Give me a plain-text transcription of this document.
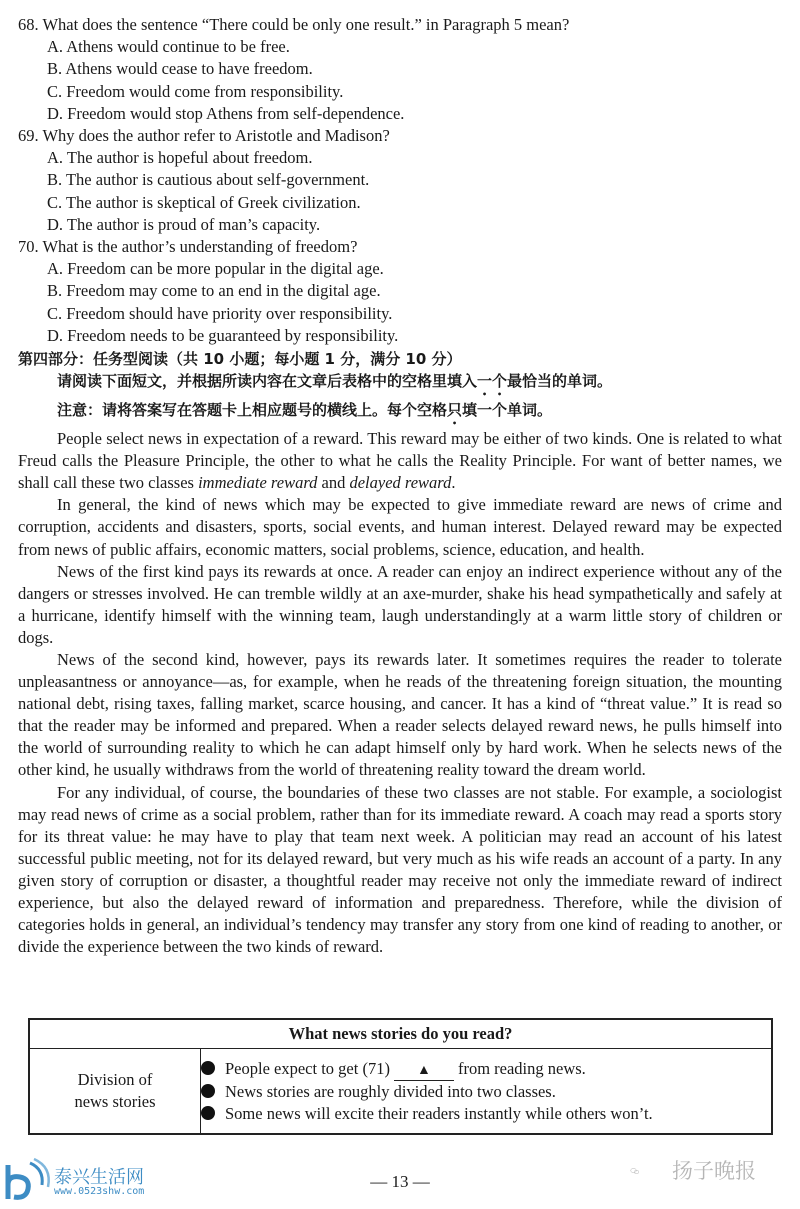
68. What does the sentence “There could be only one result.” in Paragraph 5 mean?
A. Athens would continue to be free.
B. Athens would cease to have freedom.
C. Freedom would come from responsibility.
D. Freedom would stop Athens from self-dependence.
69. Why does the author refer to Aristotle and Madison?
A. The author is hopeful about freedom.
B. The author is cautious about self-government.
C. The author is skeptical of Greek civilization.
D. The author is proud of man’s capacity.
70. What is the author’s understanding of freedom?
A. Freedom can be more popular in the digital age.
B. Freedom may come to an end in the digital age.
C. Freedom should have priority over responsibility.
D. Freedom needs to be guaranteed by responsibility.
第四部分：任务型阅读（共 10 小题；每小题 1 分，满分 10 分）
请阅读下面短文，并根据所读内容在文章后表格中的空格里填入一个最恰当的单词。
注意：请将答案写在答题卡上相应题号的横线上。每个空格只填一个单词。

People select news in expectation of a reward. This reward may be either of two kinds. One is related to what Freud calls the Pleasure Principle, the other to what he calls the Reality Principle. For want of better names, we shall call these two classes immediate reward and delayed reward.

In general, the kind of news which may be expected to give immediate reward are news of crime and corruption, accidents and disasters, sports, social events, and human interest. Delayed reward may be expected from news of public affairs, economic matters, social problems, science, education, and health.

News of the first kind pays its rewards at once. A reader can enjoy an indirect experience without any of the dangers or stresses involved. He can tremble wildly at an axe-murder, shake his head sympathetically and safely at a hurricane, identify himself with the winning team, laugh understandingly at a warm little story of children or dogs.

News of the second kind, however, pays its rewards later. It sometimes requires the reader to tolerate unpleasantness or annoyance—as, for example, when he reads of the threatening foreign situation, the mounting national debt, rising taxes, falling market, scarce housing, and cancer. It has a kind of “threat value.” It is read so that the reader may be informed and prepared. When a reader selects delayed reward news, he pulls himself into the world of surrounding reality to which he can adapt himself only by hard work. When he selects news of the other kind, he usually withdraws from the world of threatening reality toward the dream world.

For any individual, of course, the boundaries of these two classes are not stable. For example, a sociologist may read news of crime as a social problem, rather than for its immediate reward. A coach may read a sports story for its threat value: he may have to play that team next week. A politician may read an account of his latest successful public meeting, not for its delayed reward, but very much as his wife reads an account of a party. In any given story of corruption or disaster, a thoughtful reader may receive not only the immediate reward of indirect experience, but also the delayed reward of information and preparedness. Therefore, while the division of categories holds in general, an individual’s tendency may transfer any story from one kind of reading to another, or divide the experience between the two kinds of reward.

What news stories do you read?

Division of
news stories

People expect to get (71) ▲ from reading news.
News stories are roughly divided into two classes.
Some news will excite their readers instantly while others won’t.
泰兴生活网
www.0523shw.com
— 13 —	扬子晚报
